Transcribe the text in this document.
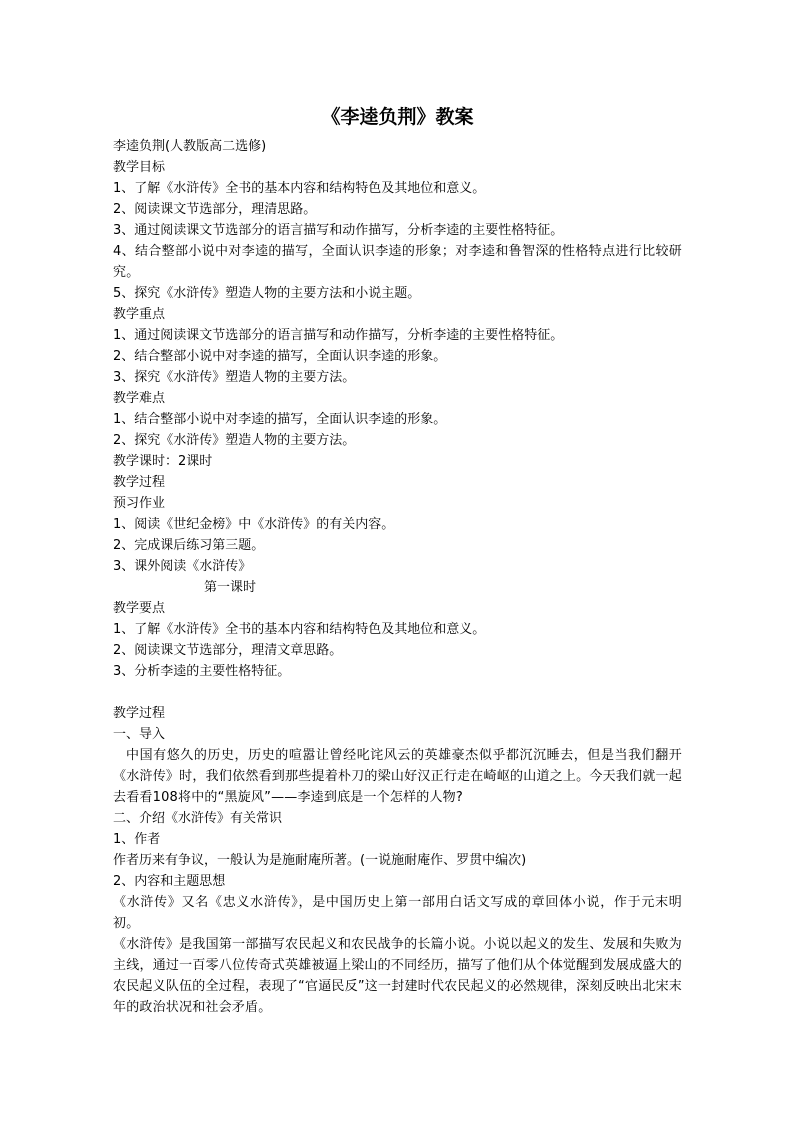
《李逵负荆》教案

李逵负荆(人教版高二选修)

教学目标

1、了解《水浒传》全书的基本内容和结构特色及其地位和意义。

2、阅读课文节选部分，理清思路。

3、通过阅读课文节选部分的语言描写和动作描写，分析李逵的主要性格特征。

4、结合整部小说中对李逵的描写，全面认识李逵的形象；对李逵和鲁智深的性格特点进行比较研究。

5、探究《水浒传》塑造人物的主要方法和小说主题。

教学重点

1、通过阅读课文节选部分的语言描写和动作描写，分析李逵的主要性格特征。

2、结合整部小说中对李逵的描写，全面认识李逵的形象。

3、探究《水浒传》塑造人物的主要方法。

教学难点

1、结合整部小说中对李逵的描写，全面认识李逵的形象。

2、探究《水浒传》塑造人物的主要方法。

教学课时：2课时

教学过程

预习作业

1、阅读《世纪金榜》中《水浒传》的有关内容。

2、完成课后练习第三题。

3、课外阅读《水浒传》

第一课时

教学要点

1、了解《水浒传》全书的基本内容和结构特色及其地位和意义。

2、阅读课文节选部分，理清文章思路。

3、分析李逵的主要性格特征。

教学过程

一、导入

中国有悠久的历史，历史的喧嚣让曾经叱诧风云的英雄豪杰似乎都沉沉睡去，但是当我们翻开《水浒传》时，我们依然看到那些提着朴刀的梁山好汉正行走在崎岖的山道之上。今天我们就一起去看看108将中的“黑旋风”——李逵到底是一个怎样的人物?

二、介绍《水浒传》有关常识

1、作者

作者历来有争议，一般认为是施耐庵所著。(一说施耐庵作、罗贯中编次)

2、内容和主题思想

《水浒传》又名《忠义水浒传》，是中国历史上第一部用白话文写成的章回体小说，作于元末明初。

《水浒传》是我国第一部描写农民起义和农民战争的长篇小说。小说以起义的发生、发展和失败为主线，通过一百零八位传奇式英雄被逼上梁山的不同经历，描写了他们从个体觉醒到发展成盛大的农民起义队伍的全过程，表现了“官逼民反”这一封建时代农民起义的必然规律，深刻反映出北宋末年的政治状况和社会矛盾。
